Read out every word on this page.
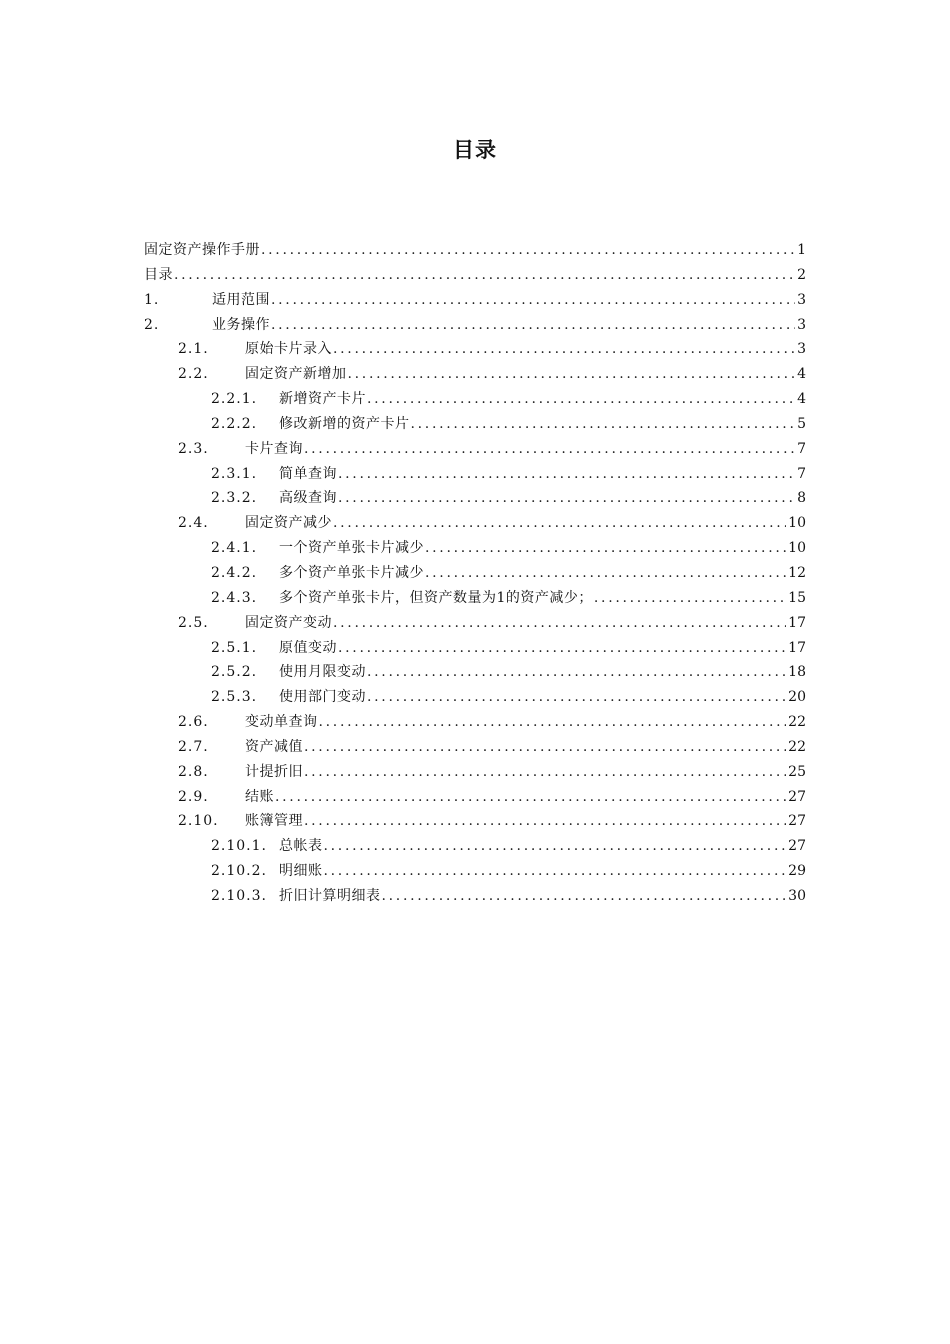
目录
固定资产操作手册 .....	1
目录 .....	2
1.	适用范围 .....	3
2.	业务操作 .....	3
2.1.	原始卡片录入 .....	3
2.2.	固定资产新增加 .....	4
2.2.1.	新增资产卡片 .....	4
2.2.2.	修改新增的资产卡片 .....	5
2.3.	卡片查询 .....	7
2.3.1.	简单查询 .....	7
2.3.2.	高级查询 .....	8
2.4.	固定资产减少 .....	10
2.4.1.	一个资产单张卡片减少 .....	10
2.4.2.	多个资产单张卡片减少 .....	12
2.4.3.	多个资产单张卡片，但资产数量为1的资产减少； .....	15
2.5.	固定资产变动 .....	17
2.5.1.	原值变动 .....	17
2.5.2.	使用月限变动 .....	18
2.5.3.	使用部门变动 .....	20
2.6.	变动单查询 .....	22
2.7.	资产减值 .....	22
2.8.	计提折旧 .....	25
2.9.	结账 .....	27
2.10.	账簿管理 .....	27
2.10.1. 总帐表 .....	27
2.10.2. 明细账 .....	29
2.10.3. 折旧计算明细表 .....	30
